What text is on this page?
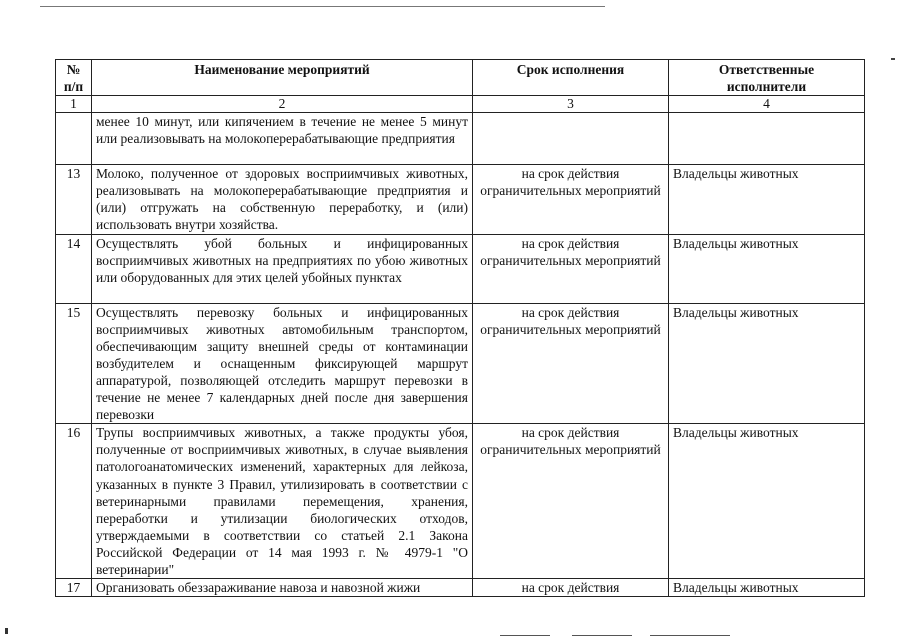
№
п/п	Наименование мероприятий	Срок исполнения	Ответственные
исполнители
1	2	3	4
	менее 10 минут, или кипячением в течение не менее 5 минут или реализовывать на молокоперерабатывающие предприятия		
13	Молоко, полученное от здоровых восприимчивых животных, реализовывать на молокоперерабатывающие предприятия и (или) отгружать на собственную переработку, и (или) использовать внутри хозяйства.	на срок действия ограничительных мероприятий	Владельцы животных
14	Осуществлять убой больных и инфицированных восприимчивых животных на предприятиях по убою животных или оборудованных для этих целей убойных пунктах	на срок действия ограничительных мероприятий	Владельцы животных
15	Осуществлять перевозку больных и инфицированных восприимчивых животных автомобильным транспортом, обеспечивающим защиту внешней среды от контаминации возбудителем и оснащенным фиксирующей маршрут аппаратурой, позволяющей отследить маршрут перевозки в течение не менее 7 календарных дней после дня завершения перевозки	на срок действия ограничительных мероприятий	Владельцы животных
16	Трупы восприимчивых животных, а также продукты убоя, полученные от восприимчивых животных, в случае выявления патологоанатомических изменений, характерных для лейкоза, указанных в пункте 3 Правил, утилизировать в соответствии с ветеринарными правилами перемещения, хранения, переработки и утилизации биологических отходов, утверждаемыми в соответствии со статьей 2.1 Закона Российской Федерации от 14 мая 1993 г. № 4979-1 "О ветеринарии"	на срок действия ограничительных мероприятий	Владельцы животных
17	Организовать обеззараживание навоза и навозной жижи	на срок действия	Владельцы животных
